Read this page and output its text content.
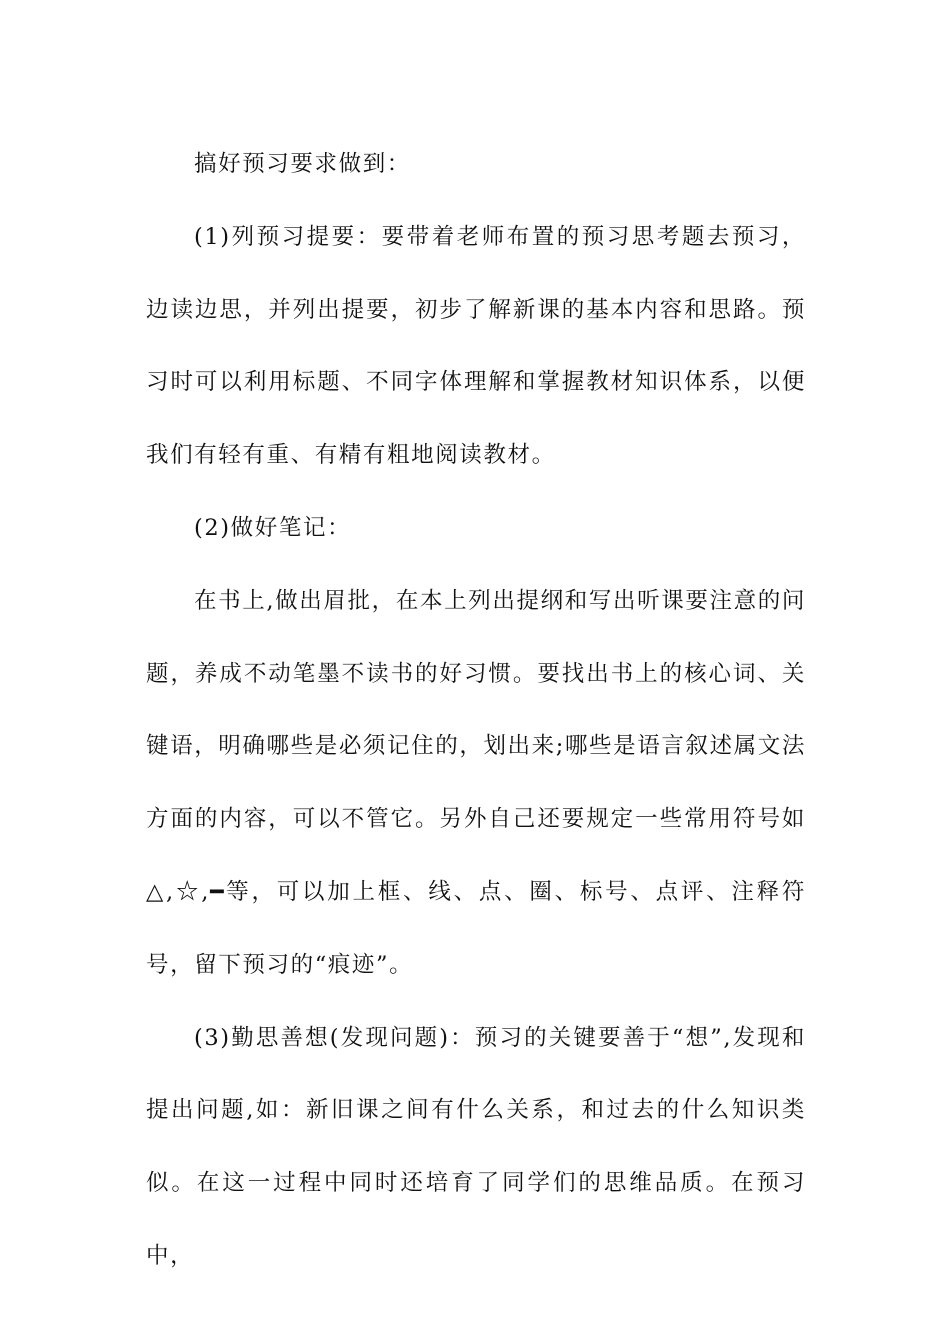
搞好预习要求做到：

(1)列预习提要：要带着老师布置的预习思考题去预习，边读边思，并列出提要，初步了解新课的基本内容和思路。预习时可以利用标题、不同字体理解和掌握教材知识体系，以便我们有轻有重、有精有粗地阅读教材。

(2)做好笔记：

在书上,做出眉批，在本上列出提纲和写出听课要注意的问题，养成不动笔墨不读书的好习惯。要找出书上的核心词、关键语，明确哪些是必须记住的，划出来;哪些是语言叙述属文法方面的内容，可以不管它。另外自己还要规定一些常用符号如△,☆,━等，可以加上框、线、点、圈、标号、点评、注释符号，留下预习的“痕迹”。

(3)勤思善想(发现问题)：预习的关键要善于“想”,发现和提出问题,如：新旧课之间有什么关系，和过去的什么知识类似。在这一过程中同时还培育了同学们的思维品质。在预习中，
